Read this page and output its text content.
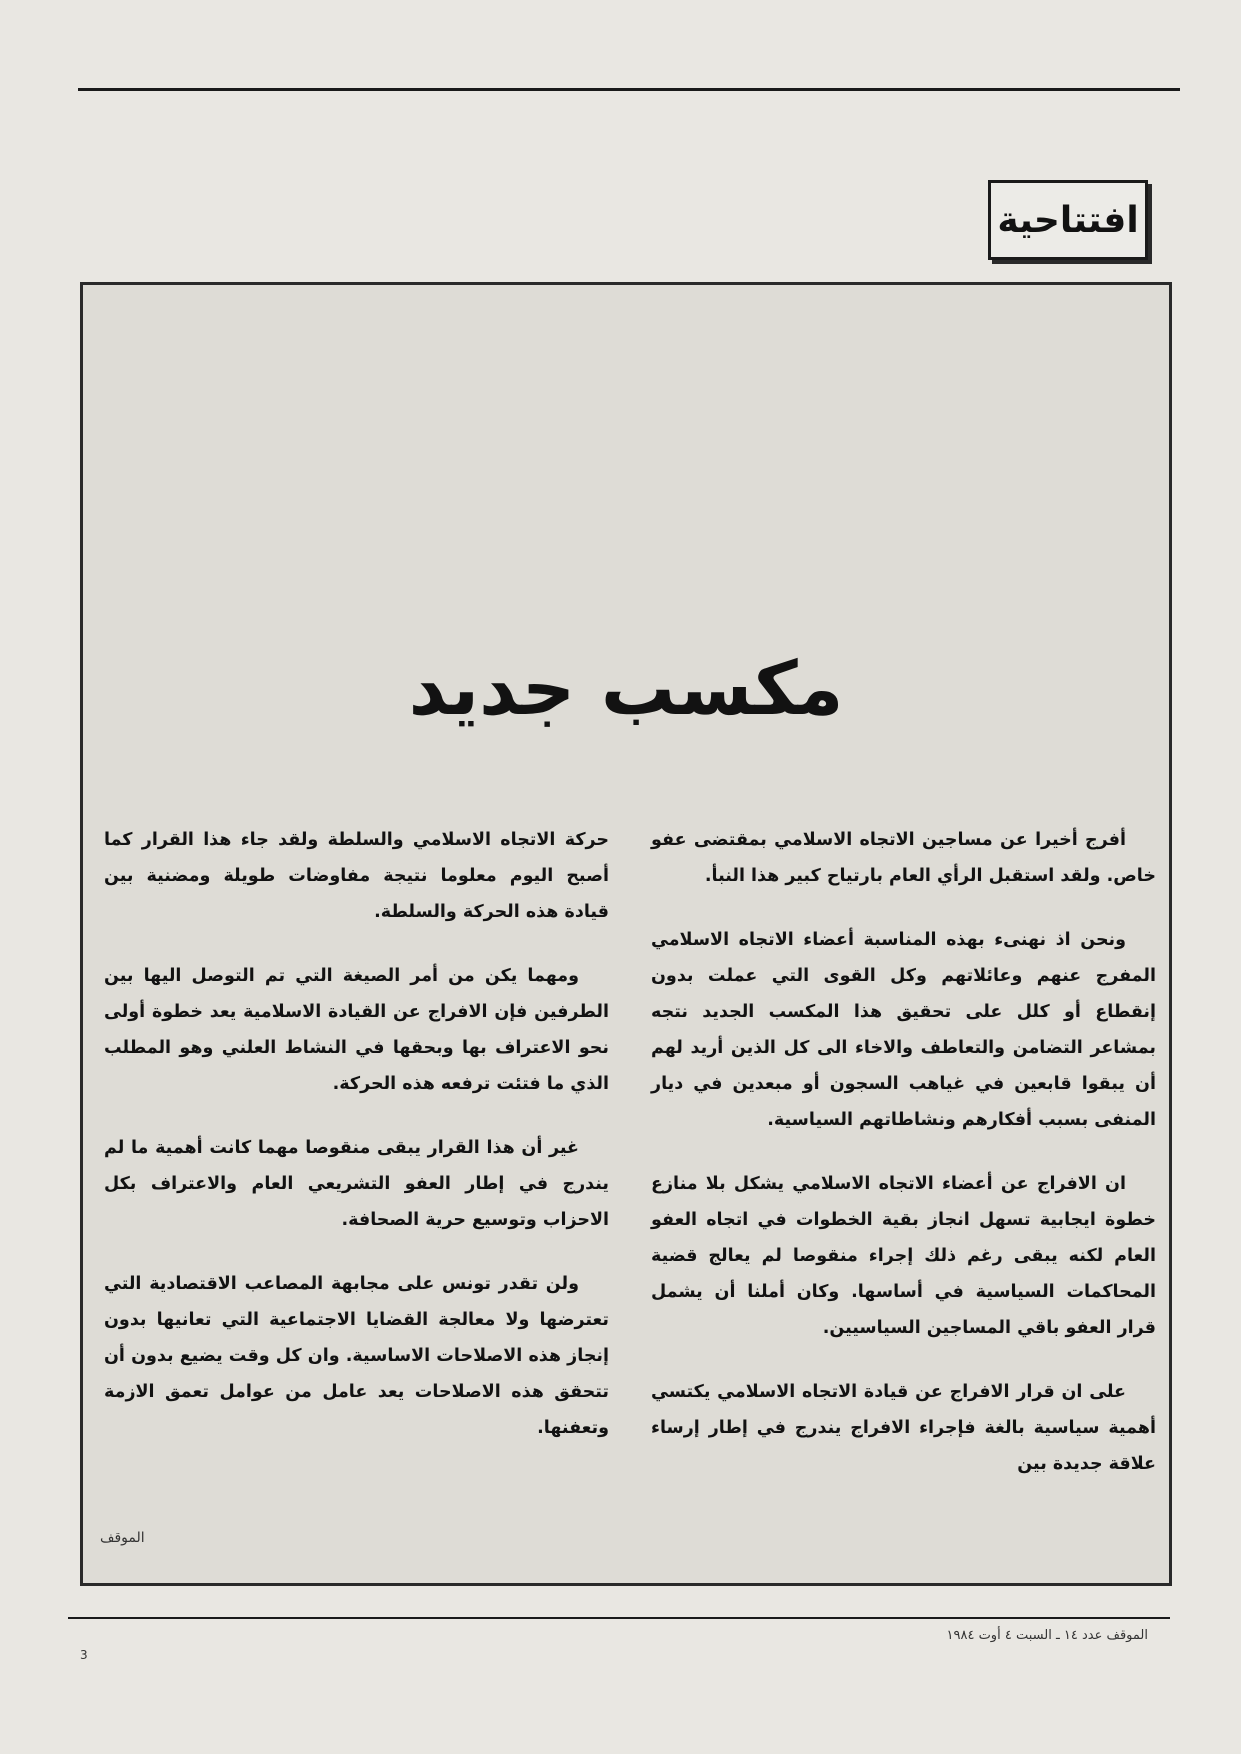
افتتاحية
مكسب جديد

أفرج أخيرا عن مساجين الاتجاه الاسلامي بمقتضى عفو خاص. ولقد استقبل الرأي العام بارتياح كبير هذا النبأ.

ونحن اذ نهنىء بهذه المناسبة أعضاء الاتجاه الاسلامي المفرج عنهم وعائلاتهم وكل القوى التي عملت بدون إنقطاع أو كلل على تحقيق هذا المكسب الجديد نتجه بمشاعر التضامن والتعاطف والاخاء الى كل الذين أريد لهم أن يبقوا قابعين في غياهب السجون أو مبعدين في ديار المنفى بسبب أفكارهم ونشاطاتهم السياسية.

ان الافراج عن أعضاء الاتجاه الاسلامي يشكل بلا منازع خطوة ايجابية تسهل انجاز بقية الخطوات في اتجاه العفو العام لكنه يبقى رغم ذلك إجراء منقوصا لم يعالج قضية المحاكمات السياسية في أساسها. وكان أملنا أن يشمل قرار العفو باقي المساجين السياسيين.

على ان قرار الافراج عن قيادة الاتجاه الاسلامي يكتسي أهمية سياسية بالغة فإجراء الافراج يندرج في إطار إرساء علاقة جديدة بين

حركة الاتجاه الاسلامي والسلطة ولقد جاء هذا القرار كما أصبح اليوم معلوما نتيجة مفاوضات طويلة ومضنية بين قيادة هذه الحركة والسلطة.

ومهما يكن من أمر الصيغة التي تم التوصل اليها بين الطرفين فإن الافراج عن القيادة الاسلامية يعد خطوة أولى نحو الاعتراف بها وبحقها في النشاط العلني وهو المطلب الذي ما فتئت ترفعه هذه الحركة.

غير أن هذا القرار يبقى منقوصا مهما كانت أهمية ما لم يندرج في إطار العفو التشريعي العام والاعتراف بكل الاحزاب وتوسيع حرية الصحافة.

ولن تقدر تونس على مجابهة المصاعب الاقتصادية التي تعترضها ولا معالجة القضايا الاجتماعية التي تعانيها بدون إنجاز هذه الاصلاحات الاساسية. وان كل وقت يضيع بدون أن تتحقق هذه الاصلاحات يعد عامل من عوامل تعمق الازمة وتعفنها.

الموقف
الموقف عدد ١٤ ـ السبت ٤ أوت ١٩٨٤
3
